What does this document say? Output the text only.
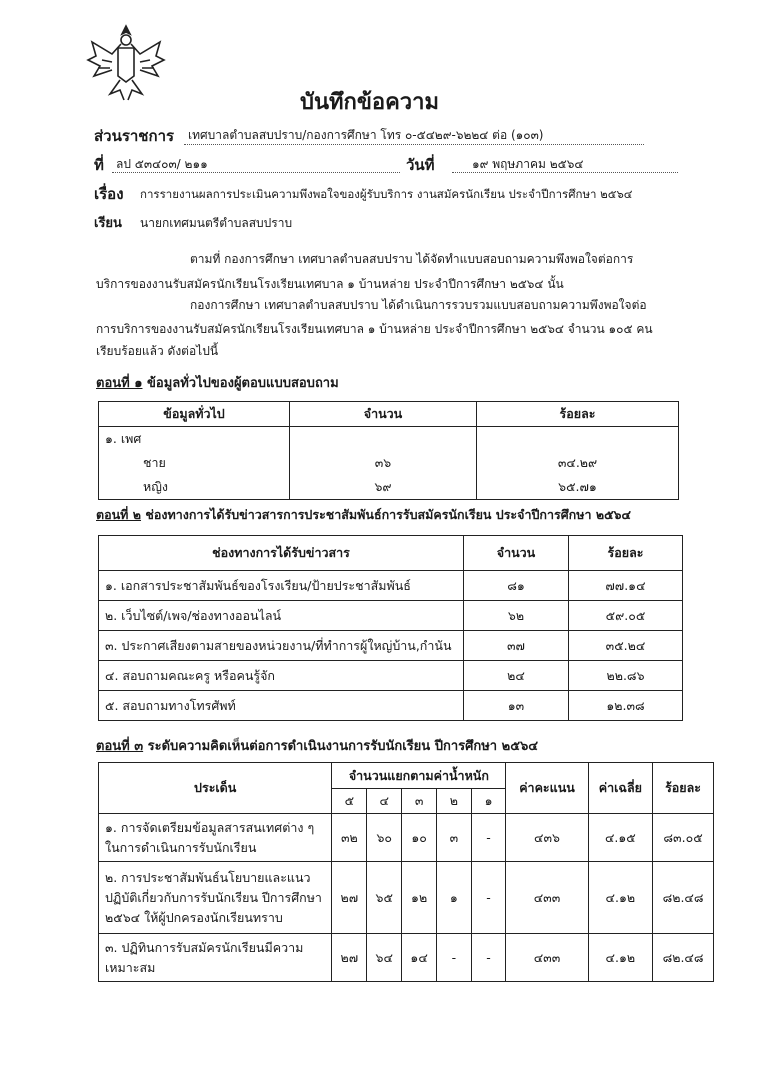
บันทึกข้อความ
ส่วนราชการ เทศบาลตำบลสบปราบ/กองการศึกษา โทร ๐-๕๔๒๙-๖๒๒๔ ต่อ (๑๐๓)
ที่ ลป ๕๓๔๐๓/ ๒๑๑	วันที่	๑๙ พฤษภาคม ๒๕๖๔
เรื่อง การรายงานผลการประเมินความพึงพอใจของผู้รับบริการ งานสมัครนักเรียน ประจำปีการศึกษา ๒๕๖๔
เรียน นายกเทศมนตรีตำบลสบปราบ
ตามที่ กองการศึกษา เทศบาลตำบลสบปราบ ได้จัดทำแบบสอบถามความพึงพอใจต่อการ
บริการของงานรับสมัครนักเรียนโรงเรียนเทศบาล ๑ บ้านหล่าย ประจำปีการศึกษา ๒๕๖๔ นั้น
กองการศึกษา เทศบาลตำบลสบปราบ ได้ดำเนินการรวบรวมแบบสอบถามความพึงพอใจต่อ
การบริการของงานรับสมัครนักเรียนโรงเรียนเทศบาล ๑ บ้านหล่าย ประจำปีการศึกษา ๒๕๖๔ จำนวน ๑๐๕ คน
เรียบร้อยแล้ว ดังต่อไปนี้
ตอนที่ ๑ ข้อมูลทั่วไปของผู้ตอบแบบสอบถาม
ข้อมูลทั่วไป	จำนวน	ร้อยละ
๑. เพศ		
ชาย	๓๖	๓๔.๒๙
หญิง	๖๙	๖๕.๗๑
ตอนที่ ๒ ช่องทางการได้รับข่าวสารการประชาสัมพันธ์การรับสมัครนักเรียน ประจำปีการศึกษา ๒๕๖๔
ช่องทางการได้รับข่าวสาร	จำนวน	ร้อยละ
๑. เอกสารประชาสัมพันธ์ของโรงเรียน/ป้ายประชาสัมพันธ์	๘๑	๗๗.๑๔
๒. เว็บไซต์/เพจ/ช่องทางออนไลน์	๖๒	๕๙.๐๕
๓. ประกาศเสียงตามสายของหน่วยงาน/ที่ทำการผู้ใหญ่บ้าน,กำนัน	๓๗	๓๕.๒๔
๔. สอบถามคณะครู หรือคนรู้จัก	๒๔	๒๒.๘๖
๕. สอบถามทางโทรศัพท์	๑๓	๑๒.๓๘
ตอนที่ ๓ ระดับความคิดเห็นต่อการดำเนินงานการรับนักเรียน ปีการศึกษา ๒๕๖๔
ประเด็น	จำนวนแยกตามค่าน้ำหนัก					ค่าคะแนน	ค่าเฉลี่ย	ร้อยละ
	๕	๔	๓	๒	๑			
๑. การจัดเตรียมข้อมูลสารสนเทศต่าง ๆ ในการดำเนินการรับนักเรียน	๓๒	๖๐	๑๐	๓	-	๔๓๖	๔.๑๕	๘๓.๐๕
๒. การประชาสัมพันธ์นโยบายและแนวปฏิบัติเกี่ยวกับการรับนักเรียน ปีการศึกษา ๒๕๖๔ ให้ผู้ปกครองนักเรียนทราบ	๒๗	๖๕	๑๒	๑	-	๔๓๓	๔.๑๒	๘๒.๔๘
๓. ปฏิทินการรับสมัครนักเรียนมีความเหมาะสม	๒๗	๖๔	๑๔	-	-	๔๓๓	๔.๑๒	๘๒.๔๘
